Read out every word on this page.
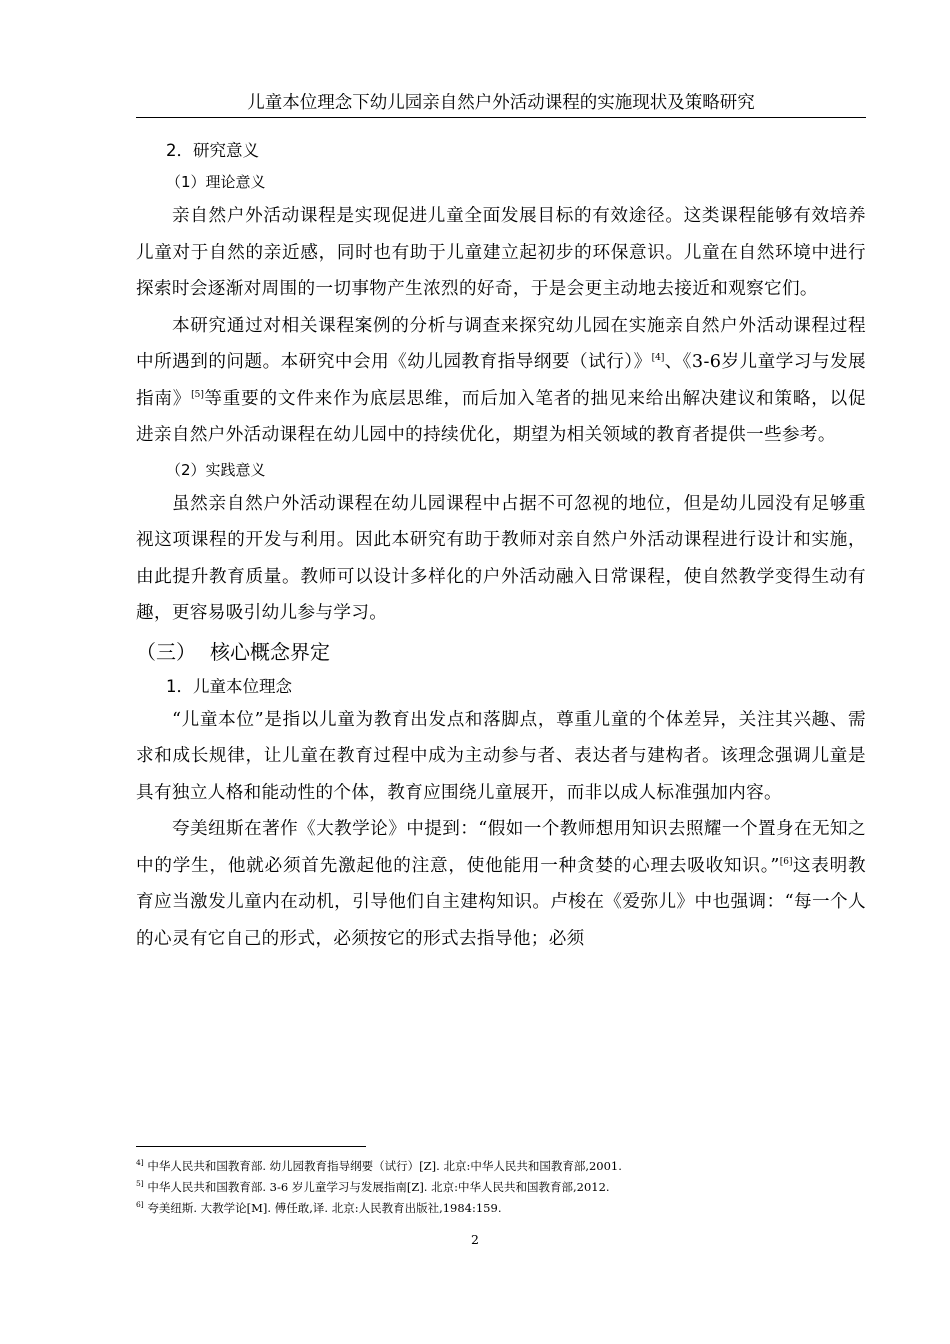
儿童本位理念下幼儿园亲自然户外活动课程的实施现状及策略研究

2．研究意义

（1）理论意义

亲自然户外活动课程是实现促进儿童全面发展目标的有效途径。这类课程能够有效培养儿童对于自然的亲近感，同时也有助于儿童建立起初步的环保意识。儿童在自然环境中进行探索时会逐渐对周围的一切事物产生浓烈的好奇，于是会更主动地去接近和观察它们。

本研究通过对相关课程案例的分析与调查来探究幼儿园在实施亲自然户外活动课程过程中所遇到的问题。本研究中会用《幼儿园教育指导纲要（试行）》[4]、《3-6岁儿童学习与发展指南》[5]等重要的文件来作为底层思维，而后加入笔者的拙见来给出解决建议和策略，以促进亲自然户外活动课程在幼儿园中的持续优化，期望为相关领域的教育者提供一些参考。

（2）实践意义

虽然亲自然户外活动课程在幼儿园课程中占据不可忽视的地位，但是幼儿园没有足够重视这项课程的开发与利用。因此本研究有助于教师对亲自然户外活动课程进行设计和实施，由此提升教育质量。教师可以设计多样化的户外活动融入日常课程，使自然教学变得生动有趣，更容易吸引幼儿参与学习。

（三） 核心概念界定

1．儿童本位理念

“儿童本位”是指以儿童为教育出发点和落脚点，尊重儿童的个体差异，关注其兴趣、需求和成长规律，让儿童在教育过程中成为主动参与者、表达者与建构者。该理念强调儿童是具有独立人格和能动性的个体，教育应围绕儿童展开，而非以成人标准强加内容。

夸美纽斯在著作《大教学论》中提到：“假如一个教师想用知识去照耀一个置身在无知之中的学生，他就必须首先激起他的注意，使他能用一种贪婪的心理去吸收知识。”[6]这表明教育应当激发儿童内在动机，引导他们自主建构知识。卢梭在《爱弥儿》中也强调：“每一个人的心灵有它自己的形式，必须按它的形式去指导他；必须

$^{4]}$ 中华人民共和国教育部. 幼儿园教育指导纲要（试行）[Z]. 北京:中华人民共和国教育部,2001.

$^{5]}$ 中华人民共和国教育部. 3-6 岁儿童学习与发展指南[Z]. 北京:中华人民共和国教育部,2012.

$^{6]}$ 夸美纽斯. 大教学论[M]. 傅任敢,译. 北京:人民教育出版社,1984:159.

2
